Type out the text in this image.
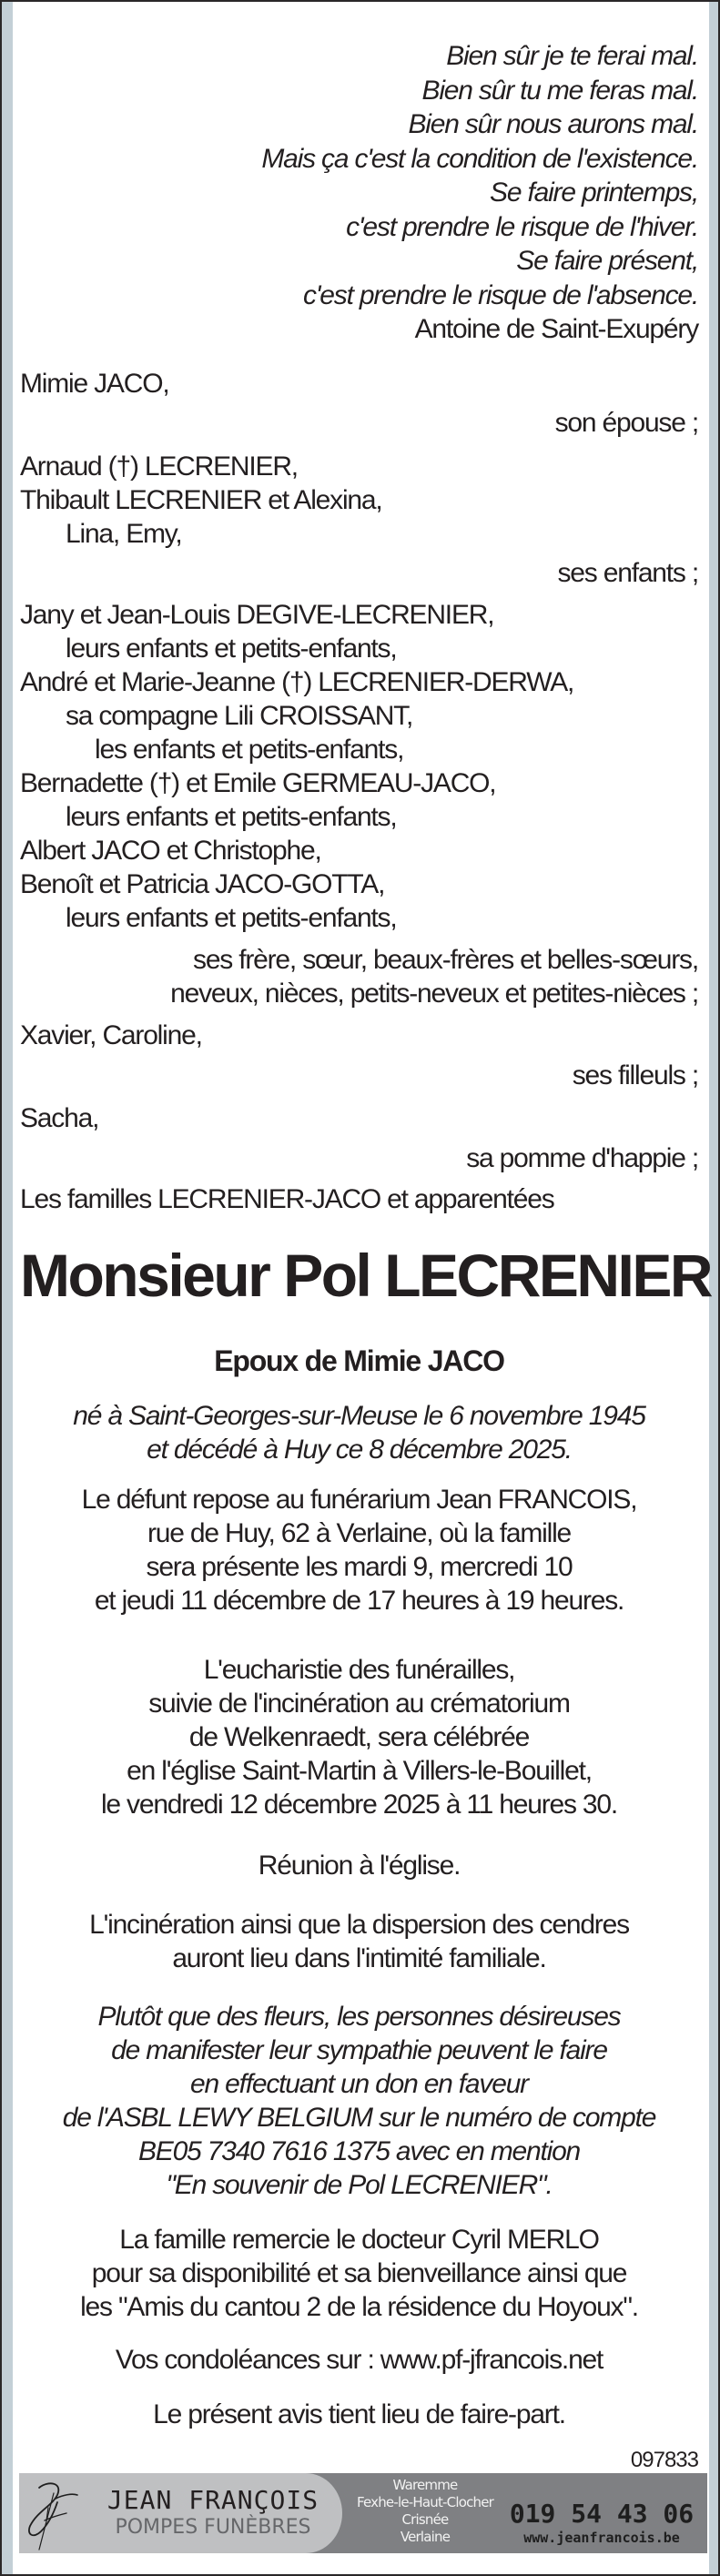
Bien sûr je te ferai mal.
Bien sûr tu me feras mal.
Bien sûr nous aurons mal.
Mais ça c'est la condition de l'existence.
Se faire printemps,
c'est prendre le risque de l'hiver.
Se faire présent,
c'est prendre le risque de l'absence.
Antoine de Saint-Exupéry
Mimie JACO,
son épouse ;
Arnaud (†) LECRENIER,
Thibault LECRENIER et Alexina,
Lina, Emy,
ses enfants ;
Jany et Jean-Louis DEGIVE-LECRENIER,
leurs enfants et petits-enfants,
André et Marie-Jeanne (†) LECRENIER-DERWA,
sa compagne Lili CROISSANT,
les enfants et petits-enfants,
Bernadette (†) et Emile GERMEAU-JACO,
leurs enfants et petits-enfants,
Albert JACO et Christophe,
Benoît et Patricia JACO-GOTTA,
leurs enfants et petits-enfants,
ses frère, sœur, beaux-frères et belles-sœurs,
neveux, nièces, petits-neveux et petites-nièces ;
Xavier, Caroline,
ses filleuls ;
Sacha,
sa pomme d'happie ;
Les familles LECRENIER-JACO et apparentées
Monsieur Pol LECRENIER
Epoux de Mimie JACO
né à Saint-Georges-sur-Meuse le 6 novembre 1945
et décédé à Huy ce 8 décembre 2025.
Le défunt repose au funérarium Jean FRANCOIS,
rue de Huy, 62 à Verlaine, où la famille
sera présente les mardi 9, mercredi 10
et jeudi 11 décembre de 17 heures à 19 heures.
L'eucharistie des funérailles,
suivie de l'incinération au crématorium
de Welkenraedt, sera célébrée
en l'église Saint-Martin à Villers-le-Bouillet,
le vendredi 12 décembre 2025 à 11 heures 30.
Réunion à l'église.
L'incinération ainsi que la dispersion des cendres
auront lieu dans l'intimité familiale.
Plutôt que des fleurs, les personnes désireuses
de manifester leur sympathie peuvent le faire
en effectuant un don en faveur
de l'ASBL LEWY BELGIUM sur le numéro de compte
BE05 7340 7616 1375 avec en mention
"En souvenir de Pol LECRENIER".
La famille remercie le docteur Cyril MERLO
pour sa disponibilité et sa bienveillance ainsi que
les "Amis du cantou 2 de la résidence du Hoyoux".
Vos condoléances sur : www.pf-jfrancois.net
Le présent avis tient lieu de faire-part.
097833
JEAN FRANÇOIS
POMPES FUNÈBRES
Waremme
Fexhe-le-Haut-Clocher
Crisnée
Verlaine
019 54 43 06
www.jeanfrancois.be
